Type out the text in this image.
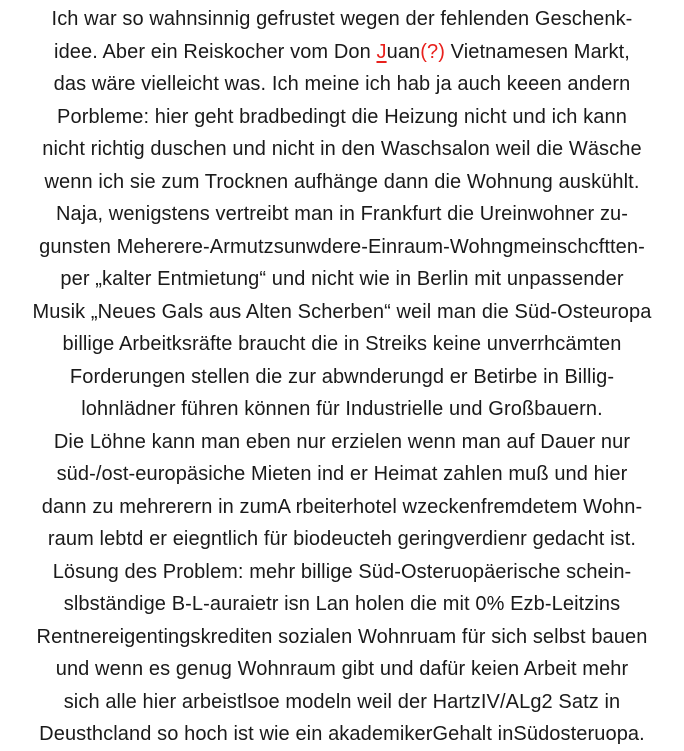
Ich war so wahnsinnig gefrustet wegen der fehlenden Geschenk-
idee. Aber ein Reiskocher vom Don Juan(?) Vietnamesen Markt,
das wäre vielleicht was. Ich meine ich hab ja auch keeen andern
Porbleme: hier geht bradbedingt die Heizung nicht und ich kann
nicht richtig duschen und nicht in den Waschsalon weil die Wäsche
wenn ich sie zum Trocknen aufhänge dann die Wohnung auskühlt.
Naja, wenigstens vertreibt man in Frankfurt die Ureinwohner zu-
gunsten Meherere-Armutzsunwdere-Einraum-Wohngmeinschcftten-
per „kalter Entmietung“ und nicht wie in Berlin mit unpassender
Musik „Neues Gals aus Alten Scherben“ weil man die Süd-Osteuropa
billige Arbeitksräfte braucht die in Streiks keine unverrhcämten
Forderungen stellen die zur abwnderungd er Betirbe in Billig-
lohnlädner führen können für Industrielle und Großbauern.
Die Löhne kann man eben nur erzielen wenn man auf Dauer nur
süd-/ost-europäsiche Mieten ind er Heimat zahlen muß und hier
dann zu mehrerern in zumA rbeiterhotel wzeckenfremdetem Wohn-
raum lebtd er eiegntlich für biodeucteh geringverdienr gedacht ist.
Lösung des Problem: mehr billige Süd-Osteruopäerische schein-
slbständige B-L-auraietr isn Lan holen die mit 0% Ezb-Leitzins
Rentnereigentingskrediten sozialen Wohnruam für sich selbst bauen
und wenn es genug Wohnraum gibt und dafür keien Arbeit mehr
sich alle hier arbeistlsoe modeln weil der HartzIV/ALg2 Satz in
Deusthcland so hoch ist wie ein akademikerGehalt inSüdosteruopa.
